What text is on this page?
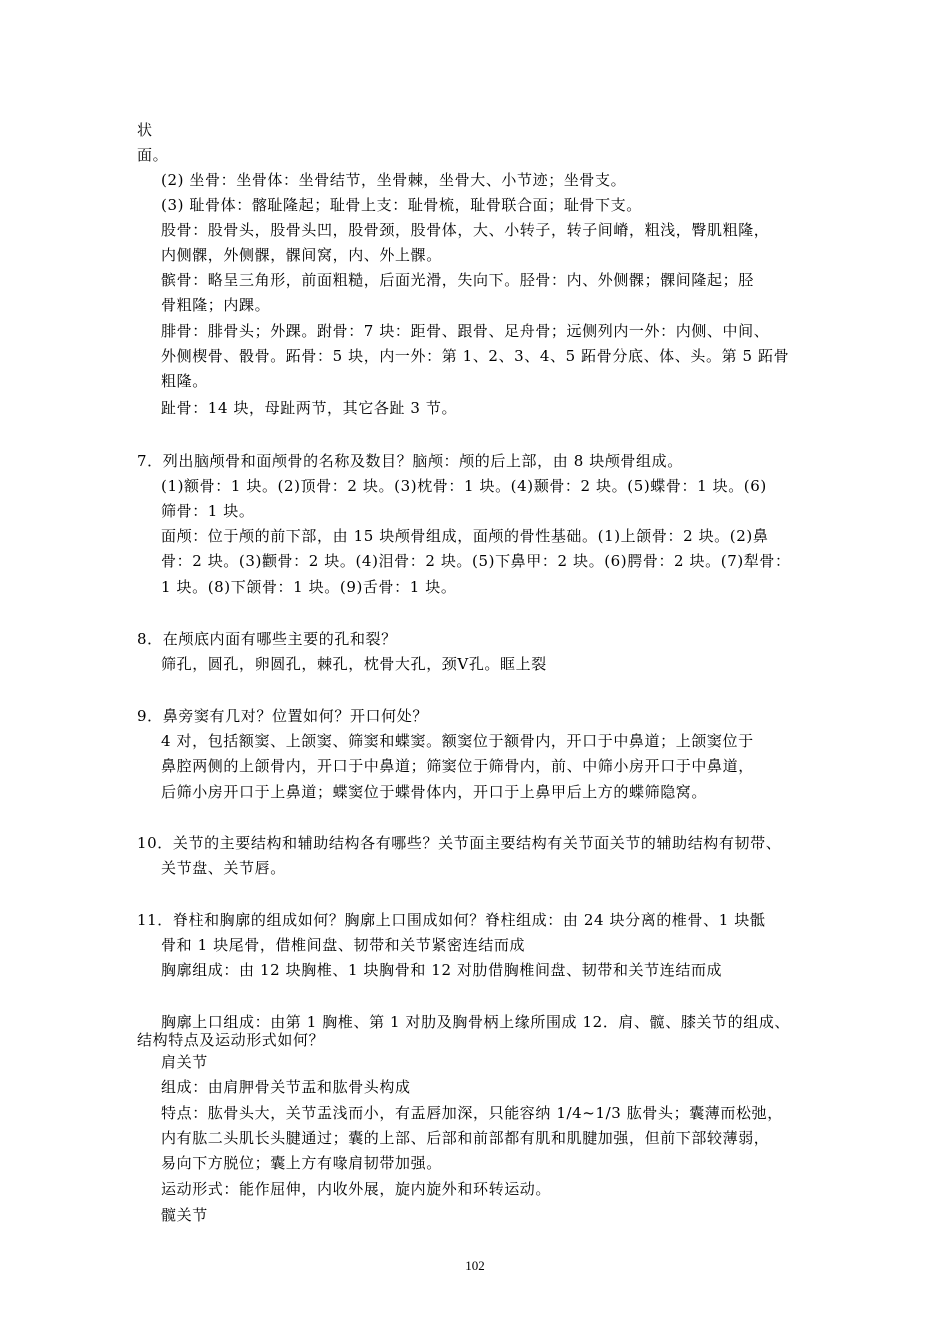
状
面。
(2) 坐骨：坐骨体：坐骨结节，坐骨棘，坐骨大、小节迹；坐骨支。
(3) 耻骨体：髂耻隆起；耻骨上支：耻骨梳，耻骨联合面；耻骨下支。
股骨：股骨头，股骨头凹，股骨颈，股骨体，大、小转子，转子间嵴，粗浅，臀肌粗隆，
内侧髁，外侧髁，髁间窝，内、外上髁。
髌骨：略呈三角形，前面粗糙，后面光滑，失向下。胫骨：内、外侧髁；髁间隆起；胫
骨粗隆；内踝。
腓骨：腓骨头；外踝。跗骨：7 块：距骨、跟骨、足舟骨；远侧列内一外：内侧、中间、
外侧楔骨、骰骨。跖骨：5 块，内一外：第 1、2、3、4、5 跖骨分底、体、头。第 5 跖骨
粗隆。
趾骨：14 块，母趾两节，其它各趾 3 节。
7．列出脑颅骨和面颅骨的名称及数目？脑颅：颅的后上部，由 8 块颅骨组成。
(1)额骨：1 块。(2)顶骨：2 块。(3)枕骨：1 块。(4)颞骨：2 块。(5)蝶骨：1 块。(6)
筛骨：1 块。
面颅：位于颅的前下部，由 15 块颅骨组成，面颅的骨性基础。(1)上颌骨：2 块。(2)鼻
骨：2 块。(3)颧骨：2 块。(4)泪骨：2 块。(5)下鼻甲：2 块。(6)腭骨：2 块。(7)犁骨：
1 块。(8)下颌骨：1 块。(9)舌骨：1 块。
8．在颅底内面有哪些主要的孔和裂？
筛孔，圆孔，卵圆孔，棘孔，枕骨大孔，颈Ⅴ孔。眶上裂
9．鼻旁窦有几对？位置如何？开口何处？
4 对，包括额窦、上颌窦、筛窦和蝶窦。额窦位于额骨内，开口于中鼻道；上颌窦位于
鼻腔两侧的上颌骨内，开口于中鼻道；筛窦位于筛骨内，前、中筛小房开口于中鼻道，
后筛小房开口于上鼻道；蝶窦位于蝶骨体内，开口于上鼻甲后上方的蝶筛隐窝。
10．关节的主要结构和辅助结构各有哪些？关节面主要结构有关节面关节的辅助结构有韧带、
关节盘、关节唇。
11．脊柱和胸廓的组成如何？胸廓上口围成如何？脊柱组成：由 24 块分离的椎骨、1 块骶
骨和 1 块尾骨，借椎间盘、韧带和关节紧密连结而成
胸廓组成：由 12 块胸椎、1 块胸骨和 12 对肋借胸椎间盘、韧带和关节连结而成
胸廓上口组成：由第 1 胸椎、第 1 对肋及胸骨柄上缘所围成 12．肩、髋、膝关节的组成、
结构特点及运动形式如何？
肩关节
组成：由肩胛骨关节盂和肱骨头构成
特点：肱骨头大，关节盂浅而小，有盂唇加深，只能容纳 1/4~1/3 肱骨头；囊薄而松弛，
内有肱二头肌长头腱通过；囊的上部、后部和前部都有肌和肌腱加强，但前下部较薄弱，
易向下方脱位；囊上方有喙肩韧带加强。
运动形式：能作屈伸，内收外展，旋内旋外和环转运动。
髋关节
102
